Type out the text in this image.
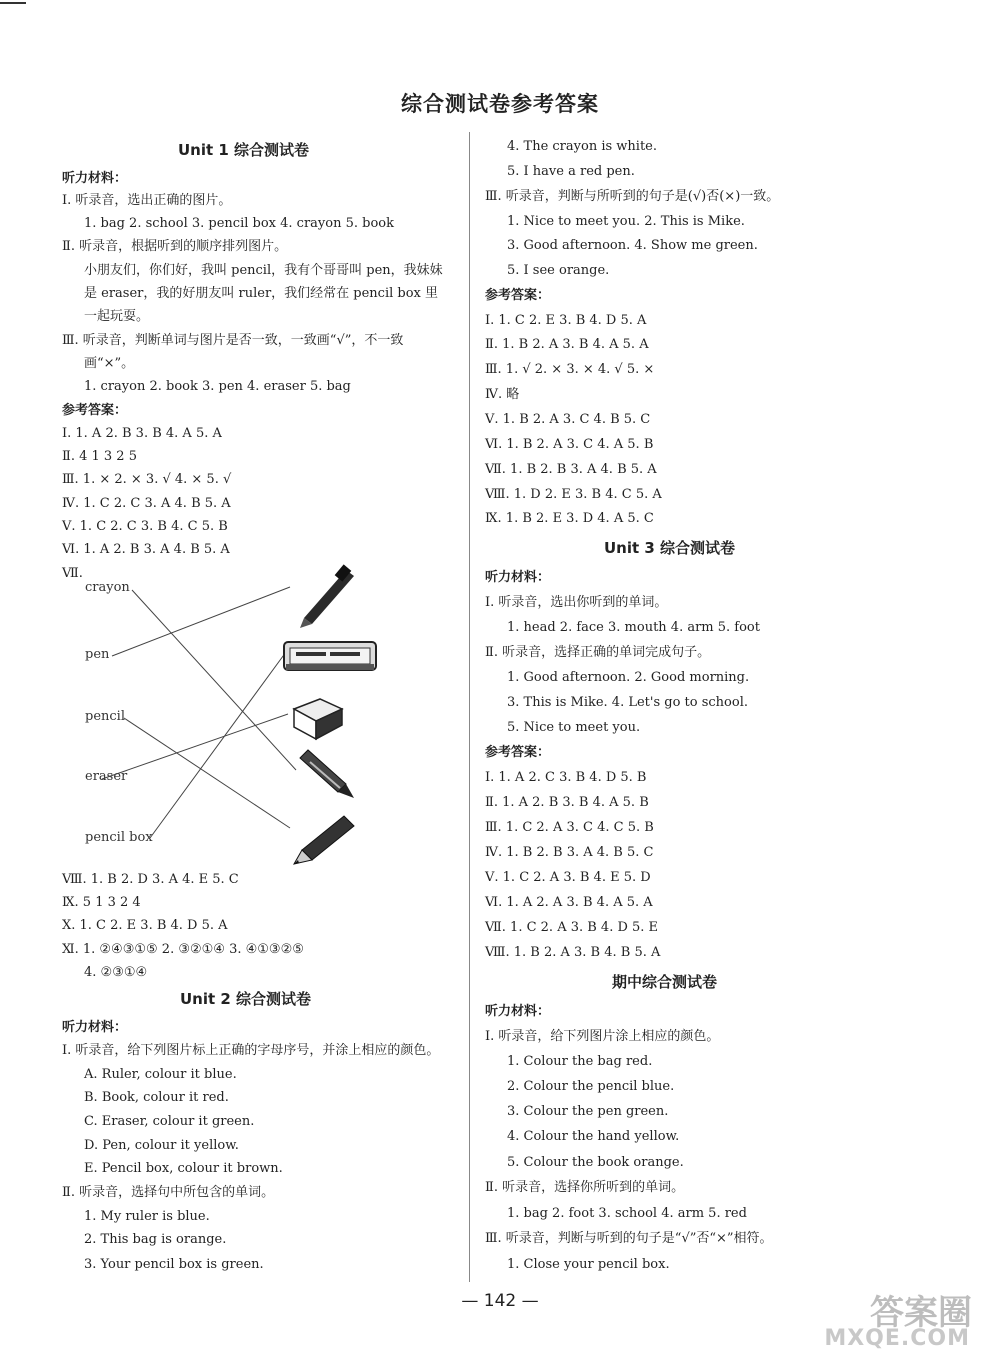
综合测试卷参考答案
Unit 1 综合测试卷
听力材料：
Ⅰ. 听录音，选出正确的图片。
1. bag 2. school 3. pencil box 4. crayon 5. book
Ⅱ. 听录音，根据听到的顺序排列图片。
小朋友们，你们好，我叫 pencil，我有个哥哥叫 pen，我妹妹
是 eraser，我的好朋友叫 ruler，我们经常在 pencil box 里
一起玩耍。
Ⅲ. 听录音，判断单词与图片是否一致，一致画“√”，不一致
画“×”。
1. crayon 2. book 3. pen 4. eraser 5. bag
参考答案：
Ⅰ. 1. A 2. B 3. B 4. A 5. A
Ⅱ. 4 1 3 2 5
Ⅲ. 1. × 2. × 3. √ 4. × 5. √
Ⅳ. 1. C 2. C 3. A 4. B 5. A
Ⅴ. 1. C 2. C 3. B 4. C 5. B
Ⅵ. 1. A 2. B 3. A 4. B 5. A
Ⅶ.
Ⅷ. 1. B 2. D 3. A 4. E 5. C
Ⅸ. 5 1 3 2 4
Ⅹ. 1. C 2. E 3. B 4. D 5. A
Ⅺ. 1. ②④③①⑤ 2. ③②①④ 3. ④①③②⑤
4. ②③①④
Unit 2 综合测试卷
听力材料：
Ⅰ. 听录音，给下列图片标上正确的字母序号，并涂上相应的颜色。
A. Ruler, colour it blue.
B. Book, colour it red.
C. Eraser, colour it green.
D. Pen, colour it yellow.
E. Pencil box, colour it brown.
Ⅱ. 听录音，选择句中所包含的单词。
1. My ruler is blue.
2. This bag is orange.
3. Your pencil box is green.
4. The crayon is white.
5. I have a red pen.
Ⅲ. 听录音，判断与所听到的句子是(√)否(×)一致。
1. Nice to meet you. 2. This is Mike.
3. Good afternoon. 4. Show me green.
5. I see orange.
参考答案：
Ⅰ. 1. C 2. E 3. B 4. D 5. A
Ⅱ. 1. B 2. A 3. B 4. A 5. A
Ⅲ. 1. √ 2. × 3. × 4. √ 5. ×
Ⅳ. 略
Ⅴ. 1. B 2. A 3. C 4. B 5. C
Ⅵ. 1. B 2. A 3. C 4. A 5. B
Ⅶ. 1. B 2. B 3. A 4. B 5. A
Ⅷ. 1. D 2. E 3. B 4. C 5. A
Ⅸ. 1. B 2. E 3. D 4. A 5. C
Unit 3 综合测试卷
听力材料：
Ⅰ. 听录音，选出你听到的单词。
1. head 2. face 3. mouth 4. arm 5. foot
Ⅱ. 听录音，选择正确的单词完成句子。
1. Good afternoon. 2. Good morning.
3. This is Mike. 4. Let's go to school.
5. Nice to meet you.
参考答案：
Ⅰ. 1. A 2. C 3. B 4. D 5. B
Ⅱ. 1. A 2. B 3. B 4. A 5. B
Ⅲ. 1. C 2. A 3. C 4. C 5. B
Ⅳ. 1. B 2. B 3. A 4. B 5. C
Ⅴ. 1. C 2. A 3. B 4. E 5. D
Ⅵ. 1. A 2. A 3. B 4. A 5. A
Ⅶ. 1. C 2. A 3. B 4. D 5. E
Ⅷ. 1. B 2. A 3. B 4. B 5. A
期中综合测试卷
听力材料：
Ⅰ. 听录音，给下列图片涂上相应的颜色。
1. Colour the bag red.
2. Colour the pencil blue.
3. Colour the pen green.
4. Colour the hand yellow.
5. Colour the book orange.
Ⅱ. 听录音，选择你所听到的单词。
1. bag 2. foot 3. school 4. arm 5. red
Ⅲ. 听录音，判断与听到的句子是“√”否“×”相符。
1. Close your pencil box.
crayon
pen
pencil
eraser
pencil box
— 142 —	答案圈
MXQE.COM
